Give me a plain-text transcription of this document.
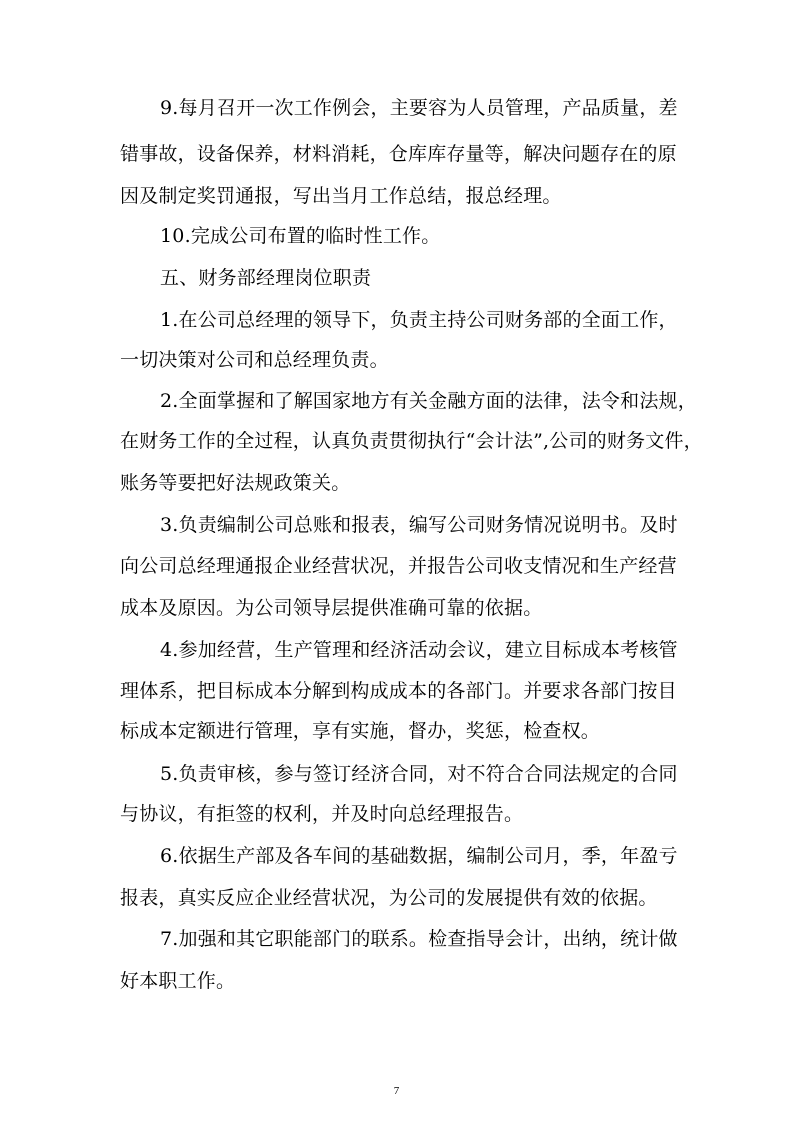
9.每月召开一次工作例会，主要容为人员管理，产品质量，差
错事故，设备保养，材料消耗，仓库库存量等，解决问题存在的原
因及制定奖罚通报，写出当月工作总结，报总经理。
10.完成公司布置的临时性工作。
五、财务部经理岗位职责
1.在公司总经理的领导下，负责主持公司财务部的全面工作，
一切决策对公司和总经理负责。
2.全面掌握和了解国家地方有关金融方面的法律，法令和法规，
在财务工作的全过程，认真负责贯彻执行“会计法”,公司的财务文件，
账务等要把好法规政策关。
3.负责编制公司总账和报表，编写公司财务情况说明书。及时
向公司总经理通报企业经营状况，并报告公司收支情况和生产经营
成本及原因。为公司领导层提供准确可靠的依据。
4.参加经营，生产管理和经济活动会议，建立目标成本考核管
理体系，把目标成本分解到构成成本的各部门。并要求各部门按目
标成本定额进行管理，享有实施，督办，奖惩，检查权。
5.负责审核，参与签订经济合同，对不符合合同法规定的合同
与协议，有拒签的权利，并及时向总经理报告。
6.依据生产部及各车间的基础数据，编制公司月，季，年盈亏
报表，真实反应企业经营状况，为公司的发展提供有效的依据。
7.加强和其它职能部门的联系。检查指导会计，出纳，统计做
好本职工作。
7
